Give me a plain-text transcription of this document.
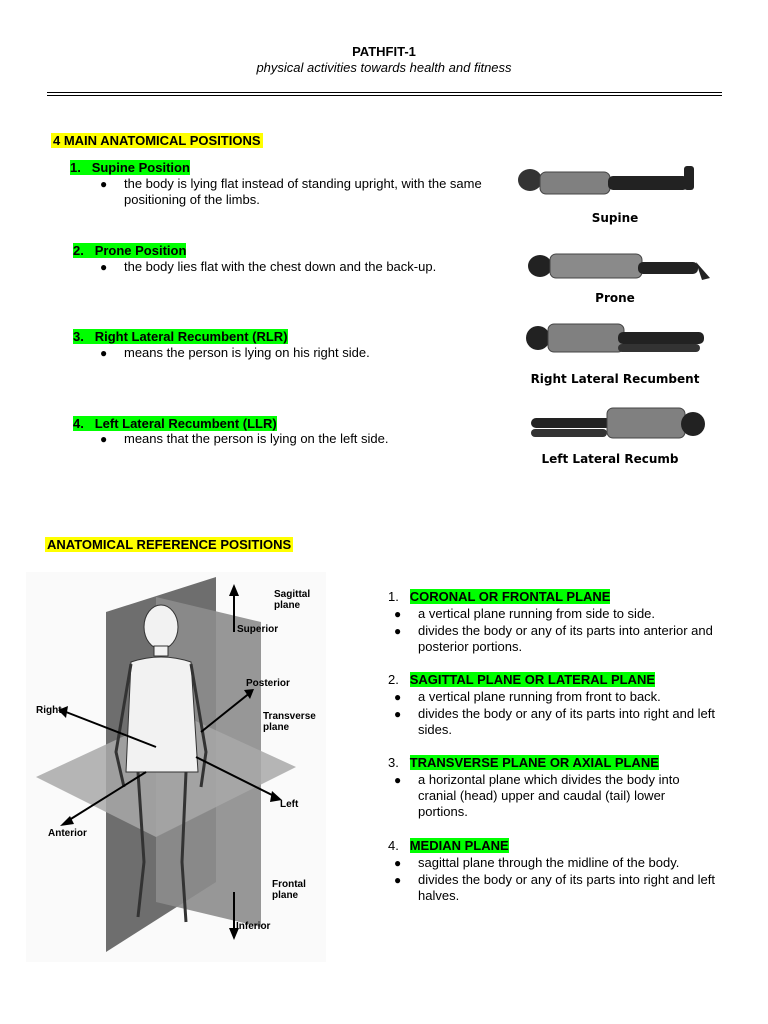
PATHFIT-1
physical activities towards health and fitness
4 MAIN ANATOMICAL POSITIONS
1. Supine Position
● the body is lying flat instead of standing upright, with the same positioning of the limbs.
2. Prone Position
● the body lies flat with the chest down and the back-up.
3. Right Lateral Recumbent (RLR)
● means the person is lying on his right side.
4. Left Lateral Recumbent (LLR)
● means that the person is lying on the left side.
Supine
Prone
Right Lateral Recumbent
Left Lateral Recumb
ANATOMICAL REFERENCE POSITIONS
Sagittal plane
Superior
Posterior
Right
Transverse plane
Left
Anterior
Frontal plane
Inferior
1. CORONAL OR FRONTAL PLANE
● a vertical plane running from side to side.
● divides the body or any of its parts into anterior and posterior portions.
2. SAGITTAL PLANE OR LATERAL PLANE
● a vertical plane running from front to back.
● divides the body or any of its parts into right and left sides.
3. TRANSVERSE PLANE OR AXIAL PLANE
● a horizontal plane which divides the body into cranial (head) upper and caudal (tail) lower portions.
4. MEDIAN PLANE
● sagittal plane through the midline of the body.
● divides the body or any of its parts into right and left halves.
